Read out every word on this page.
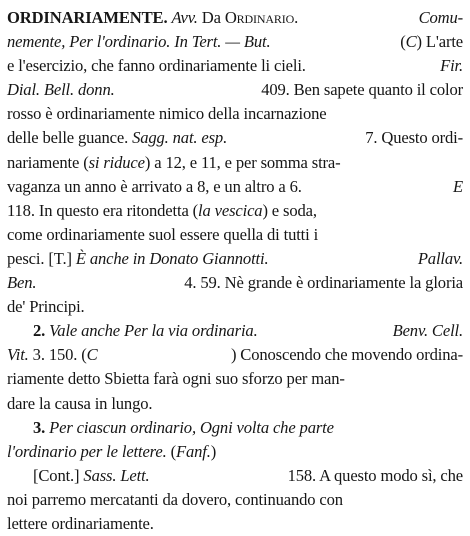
ORDINARIAMENTE. Avv. Da Ordinario.	Comu-
nemente, Per l'ordinario. In Tert. — But.	(C) L'arte
e l'esercizio, che fanno ordinariamente li cieli.	Fir.
Dial. Bell. donn.	409. Ben sapete quanto il color
rosso è ordinariamente nimico della incarnazione
delle belle guance. Sagg. nat. esp.	7. Questo ordi-
nariamente (si riduce) a 12, e 11, e per somma stra-
vaganza un anno è arrivato a 8, e un altro a 6.	E
118. In questo era ritondetta (la vescica) e soda,
come ordinariamente suol essere quella di tutti i
pesci. [T.] È anche in Donato Giannotti.	Pallav.
Ben.	4. 59. Nè grande è ordinariamente la gloria
de' Principi.
2. Vale anche Per la via ordinaria.	Benv. Cell.
Vit. 3. 150. (C	) Conoscendo che movendo ordina-
riamente detto Sbietta farà ogni suo sforzo per man-
dare la causa in lungo.
3. Per ciascun ordinario, Ogni volta che parte
l'ordinario per le lettere. (Fanf.)
[Cont.] Sass. Lett.	158. A questo modo sì, che
noi parremo mercatanti da dovero, continuando con
lettere ordinariamente.
